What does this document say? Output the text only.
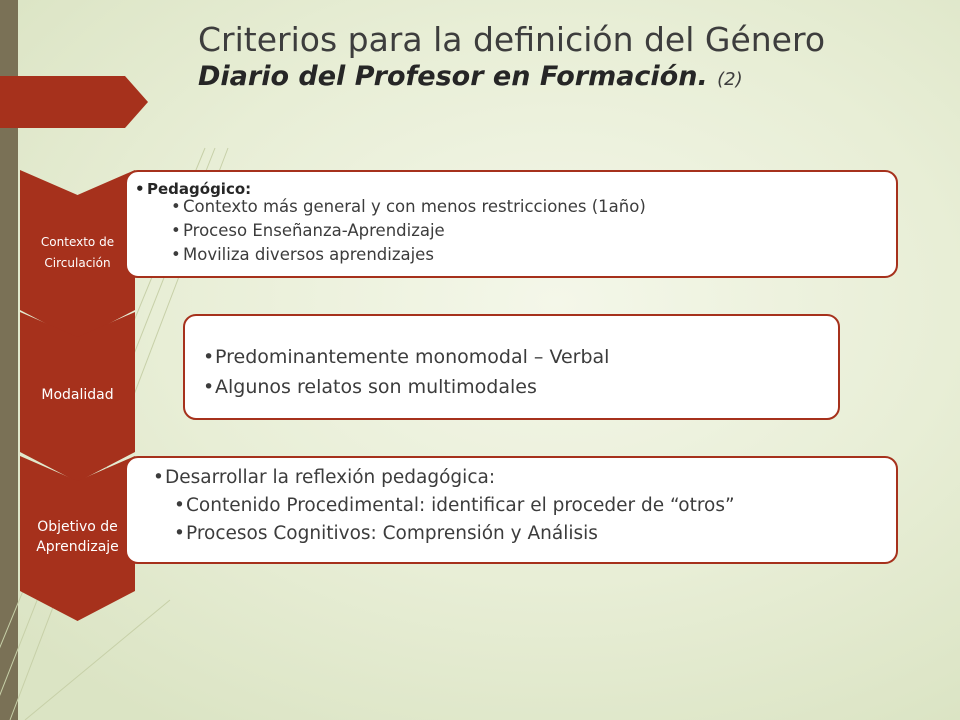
Criterios para la definición del Género
Diario del Profesor en Formación. (2)
Contexto de
Circulación
• Pedagógico:
• Contexto más general y con menos restricciones (1año)
• Proceso Enseñanza-Aprendizaje
• Moviliza diversos aprendizajes
Modalidad
• Predominantemente monomodal – Verbal
• Algunos relatos son multimodales
Objetivo de
Aprendizaje
• Desarrollar la reflexión pedagógica:
• Contenido Procedimental: identificar el proceder de “otros”
• Procesos Cognitivos: Comprensión y Análisis
